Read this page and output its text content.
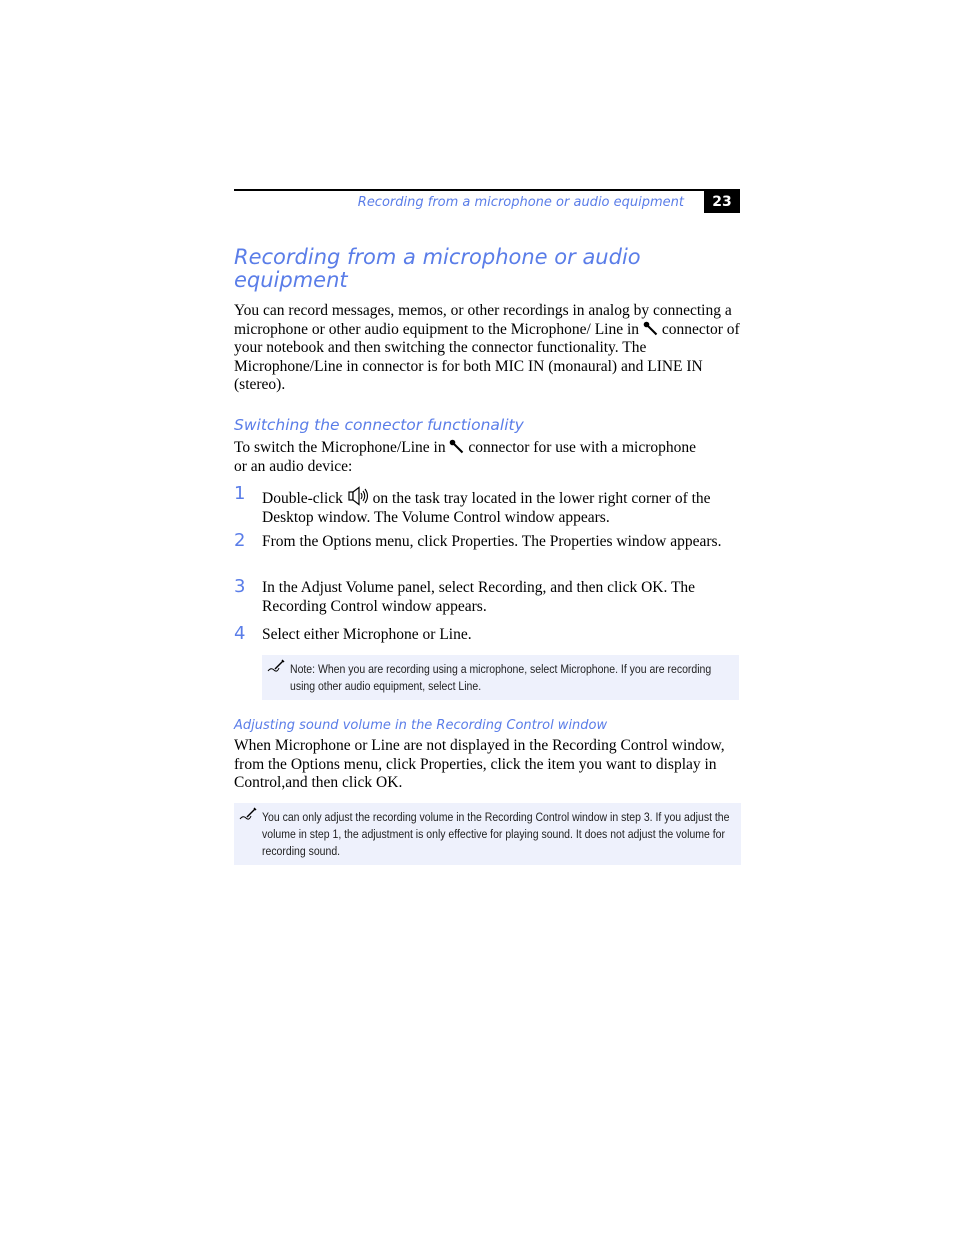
Recording from a microphone or audio equipment	23
Recording from a microphone or audio equipment

You can record messages, memos, or other recordings in analog by connecting a microphone or other audio equipment to the Microphone/ Line in connector of your notebook and then switching the connector functionality. The Microphone/Line in connector is for both MIC IN (monaural) and LINE IN (stereo).

Switching the connector functionality

To switch the Microphone/Line in connector for use with a microphone or an audio device:

1 Double-click on the task tray located in the lower right corner of the Desktop window. The Volume Control window appears.
2 From the Options menu, click Properties. The Properties window appears.
3 In the Adjust Volume panel, select Recording, and then click OK. The Recording Control window appears.
4 Select either Microphone or Line.
Note: When you are recording using a microphone, select Microphone. If you are recording using other audio equipment, select Line.
Adjusting sound volume in the Recording Control window

When Microphone or Line are not displayed in the Recording Control window, from the Options menu, click Properties, click the item you want to display in Control,and then click OK.

You can only adjust the recording volume in the Recording Control window in step 3. If you adjust the volume in step 1, the adjustment is only effective for playing sound. It does not adjust the volume for recording sound.
